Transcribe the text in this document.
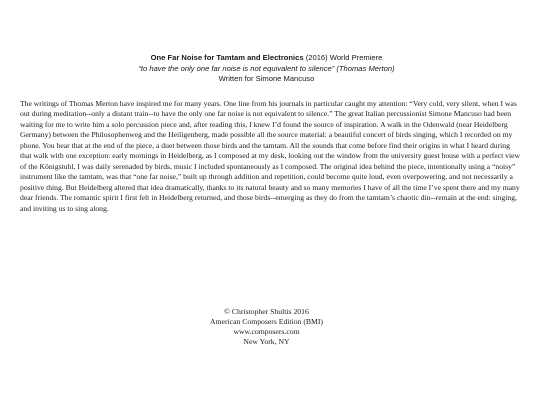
One Far Noise for Tamtam and Electronics (2016) World Premiere
“to have the only one far noise is not equivalent to silence” (Thomas Merton)
Written for Simone Mancuso

The writings of Thomas Merton have inspired me for many years. One line from his journals in particular caught my attention: “Very cold, very silent, when I was out during meditation--only a distant train--to have the only one far noise is not equivalent to silence.” The great Italian percussionist Simone Mancuso had been waiting for me to write him a solo percussion piece and, after reading this, I knew I’d found the source of inspiration. A walk in the Odenwald (near Heidelberg Germany) between the Philosophenweg and the Heiligenberg, made possible all the source material: a beautiful concert of birds singing, which I recorded on my phone. You hear that at the end of the piece, a duet between those birds and the tamtam. All the sounds that come before find their origins in what I heard during that walk with one exception: early mornings in Heidelberg, as I composed at my desk, looking out the window from the university guest house with a perfect view of the Königstuhl, I was daily serenaded by birds, music I included spontaneously as I composed. The original idea behind the piece, intentionally using a “noisy” instrument like the tamtam, was that “one far noise,” built up through addition and repetition, could become quite loud, even overpowering, and not necessarily a positive thing. But Heidelberg altered that idea dramatically, thanks to its natural beauty and so many memories I have of all the time I’ve spent there and my many dear friends. The romantic spirit I first felt in Heidelberg returned, and those birds--emerging as they do from the tamtam’s chaotic din--remain at the end: singing, and inviting us to sing along.

© Christopher Shultis 2016
American Composers Edition (BMI)
www.composers.com
New York, NY
